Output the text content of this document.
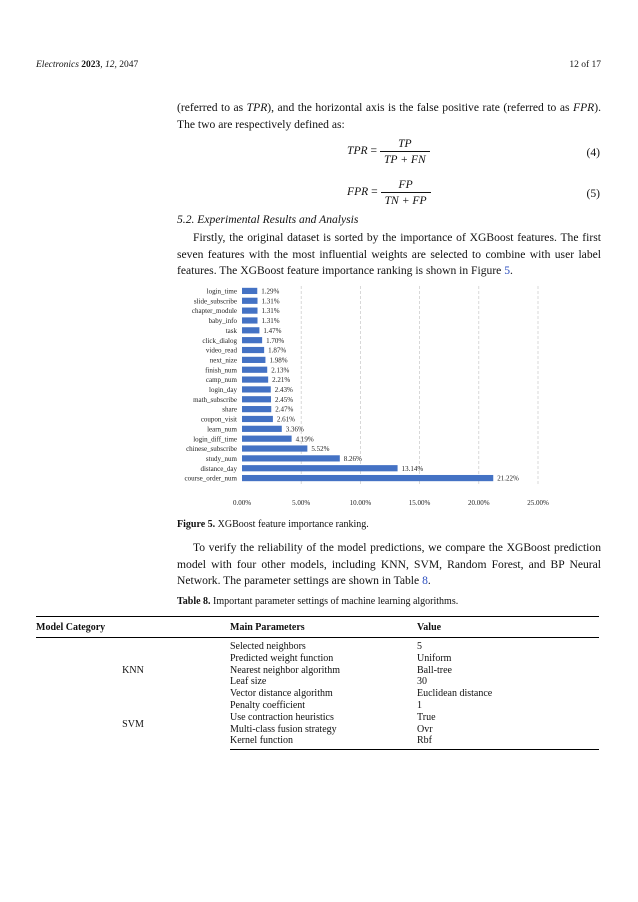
Electronics 2023, 12, 2047	12 of 17
(referred to as TPR), and the horizontal axis is the false positive rate (referred to as FPR).
The two are respectively defined as:
TPR = $\frac{TP}{TP + FN}$	(4)
FPR = $\frac{FP}{TN + FP}$	(5)
5.2. Experimental Results and Analysis
Firstly, the original dataset is sorted by the importance of XGBoost features. The first seven features with the most influential weights are selected to combine with user label features. The XGBoost feature importance ranking is shown in Figure 5.
login_time
slide_subscribe
chapter_module
baby_info
task
click_dialog
video_read
next_nize
finish_num
camp_num
login_day
math_subscribe
share
coupon_visit
learn_num
login_diff_time
chinese_subscribe
study_num
distance_day
course_order_num
1.29%
1.31%
1.31%
1.31%
1.47%
1.70%
1.87%
1.98%
2.13%
2.21%
2.43%
2.45%
2.47%
2.61%
3.36%
4.19%
5.52%
8.26%
13.14%
21.22%
0.00%	5.00%	10.00%	15.00%	20.00%	25.00%
Figure 5. XGBoost feature importance ranking.
To verify the reliability of the model predictions, we compare the XGBoost prediction model with four other models, including KNN, SVM, Random Forest, and BP Neural Network. The parameter settings are shown in Table 8.
Table 8. Important parameter settings of machine learning algorithms.
Model Category	Main Parameters	Value
KNN	Selected neighbors	5
	Predicted weight function	Uniform
	Nearest neighbor algorithm	Ball-tree
	Leaf size	30
	Vector distance algorithm	Euclidean distance
SVM	Penalty coefficient	1
	Use contraction heuristics	True
	Multi-class fusion strategy	Ovr
	Kernel function	Rbf
